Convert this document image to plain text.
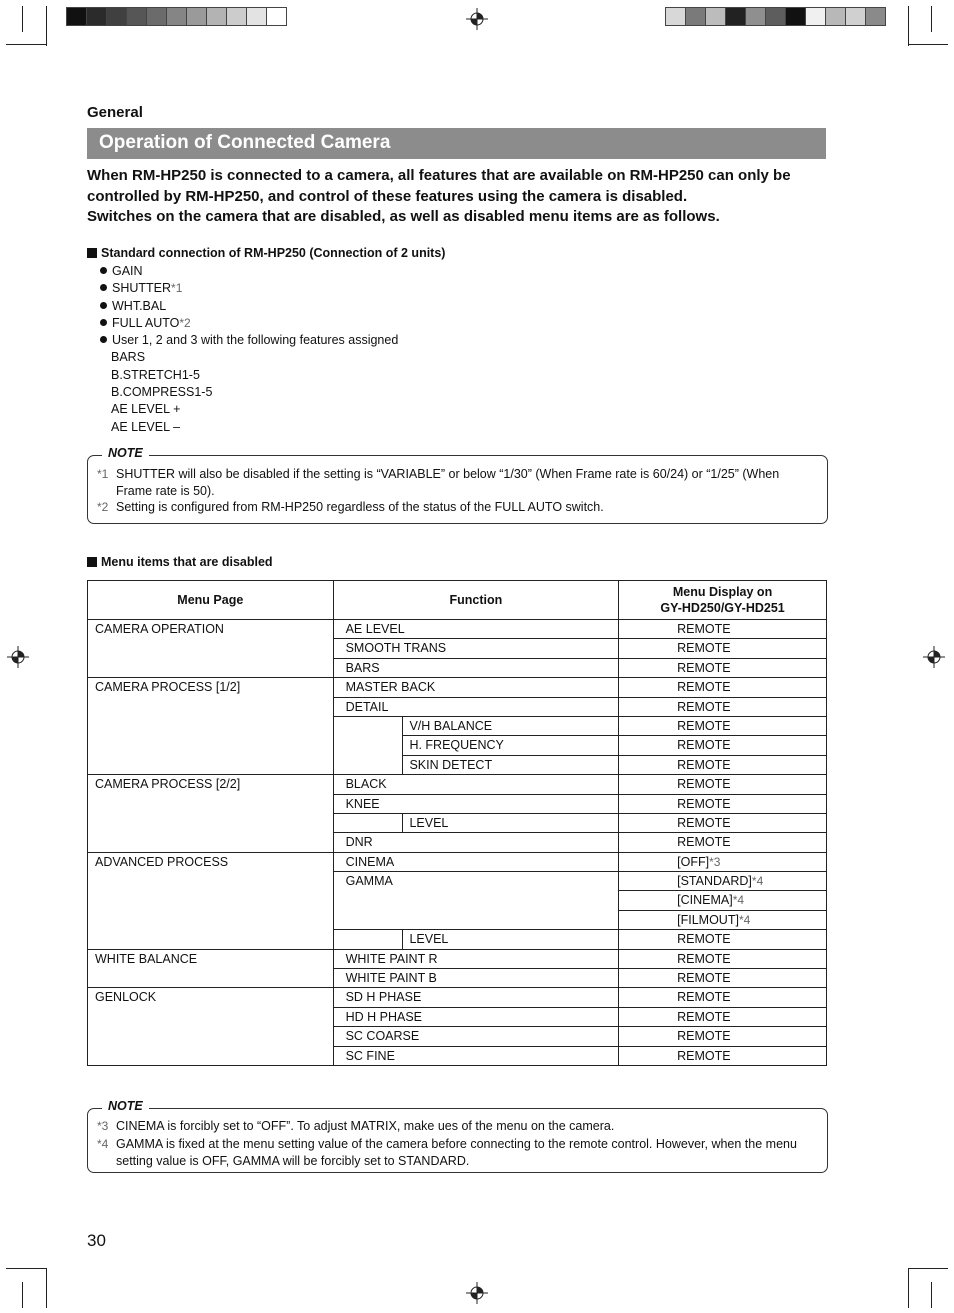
General
Operation of Connected Camera
When RM-HP250 is connected to a camera, all features that are available on RM-HP250 can only be
controlled by RM-HP250, and control of these features using the camera is disabled.
Switches on the camera that are disabled, as well as disabled menu items are as follows.
Standard connection of RM-HP250 (Connection of 2 units)
GAIN
SHUTTER*1
WHT.BAL
FULL AUTO*2
User 1, 2 and 3 with the following features assigned
BARS
B.STRETCH1-5
B.COMPRESS1-5
AE LEVEL +
AE LEVEL –
NOTE
*1 SHUTTER will also be disabled if the setting is “VARIABLE” or below “1/30” (When Frame rate is 60/24) or “1/25” (When Frame rate is 50).
*2 Setting is configured from RM-HP250 regardless of the status of the FULL AUTO switch.
Menu items that are disabled
Menu Page	Function		Menu Display on
GY-HD250/GY-HD251
CAMERA OPERATION	AE LEVEL		REMOTE
	SMOOTH TRANS		REMOTE
	BARS		REMOTE
CAMERA PROCESS [1/2]	MASTER BACK		REMOTE
	DETAIL		REMOTE
		V/H BALANCE	REMOTE
		H. FREQUENCY	REMOTE
		SKIN DETECT	REMOTE
CAMERA PROCESS [2/2]	BLACK		REMOTE
	KNEE		REMOTE
		LEVEL	REMOTE
	DNR		REMOTE
ADVANCED PROCESS	CINEMA		[OFF]*3
	GAMMA		[STANDARD]*4
			[CINEMA]*4
			[FILMOUT]*4
		LEVEL	REMOTE
WHITE BALANCE	WHITE PAINT R		REMOTE
	WHITE PAINT B		REMOTE
GENLOCK	SD H PHASE		REMOTE
	HD H PHASE		REMOTE
	SC COARSE		REMOTE
	SC FINE		REMOTE
NOTE
*3 CINEMA is forcibly set to “OFF”. To adjust MATRIX, make ues of the menu on the camera.
*4 GAMMA is fixed at the menu setting value of the camera before connecting to the remote control. However, when the menu setting value is OFF, GAMMA will be forcibly set to STANDARD.
30
